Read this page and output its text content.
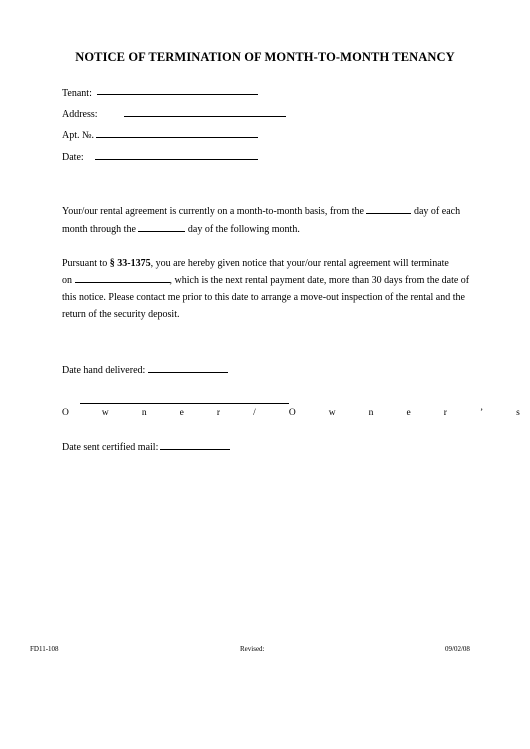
NOTICE OF TERMINATION OF MONTH-TO-MONTH TENANCY
Tenant:
Address:
Apt. №.
Date:
Your/our rental agreement is currently on a month-to-month basis, from the	day of each
month through the	day of the following month.
Pursuant to § 33-1375, you are hereby given notice that your/our rental agreement will terminate
on	, which is the next rental payment date, more than 30 days from the date of
this notice. Please contact me prior to this date to arrange a move-out inspection of the rental and the
return of the security deposit.
Date hand delivered:
O	w	n	e	r	/	O	w	n	e	r	’	s
Date sent certified mail:
FD11-108	Revised:	09/02/08
